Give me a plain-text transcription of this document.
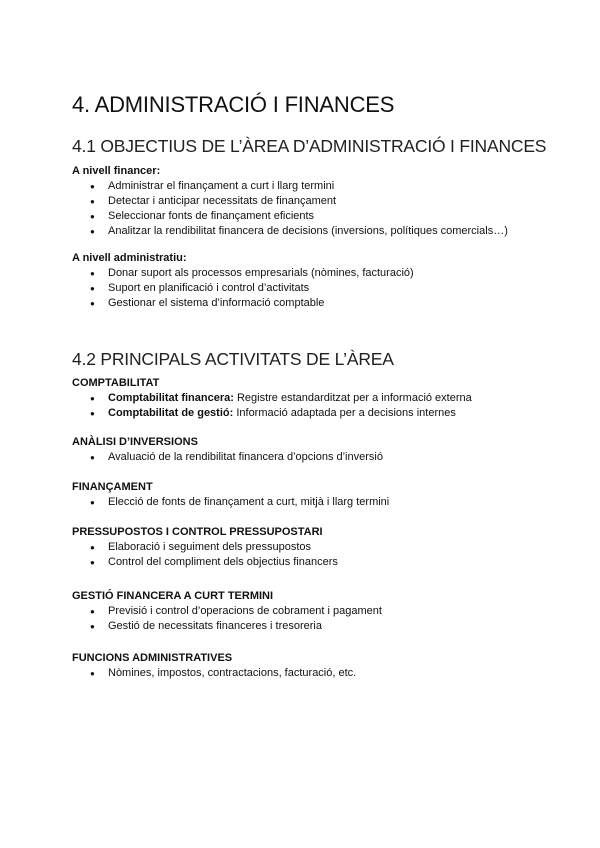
4. ADMINISTRACIÓ I FINANCES
4.1 OBJECTIUS DE L’ÀREA D’ADMINISTRACIÓ I FINANCES
A nivell financer:
● Administrar el finançament a curt i llarg termini
● Detectar i anticipar necessitats de finançament
● Seleccionar fonts de finançament eficients
● Analitzar la rendibilitat financera de decisions (inversions, polítiques comercials…)
A nivell administratiu:
● Donar suport als processos empresarials (nòmines, facturació)
● Suport en planificació i control d’activitats
● Gestionar el sistema d’informació comptable
4.2 PRINCIPALS ACTIVITATS DE L’ÀREA
COMPTABILITAT
● Comptabilitat financera: Registre estandarditzat per a informació externa
● Comptabilitat de gestió: Informació adaptada per a decisions internes
ANÀLISI D’INVERSIONS
● Avaluació de la rendibilitat financera d’opcions d’inversió
FINANÇAMENT
● Elecció de fonts de finançament a curt, mitjà i llarg termini
PRESSUPOSTOS I CONTROL PRESSUPOSTARI
● Elaboració i seguiment dels pressupostos
● Control del compliment dels objectius financers
GESTIÓ FINANCERA A CURT TERMINI
● Previsió i control d’operacions de cobrament i pagament
● Gestió de necessitats financeres i tresoreria
FUNCIONS ADMINISTRATIVES
● Nòmines, impostos, contractacions, facturació, etc.
